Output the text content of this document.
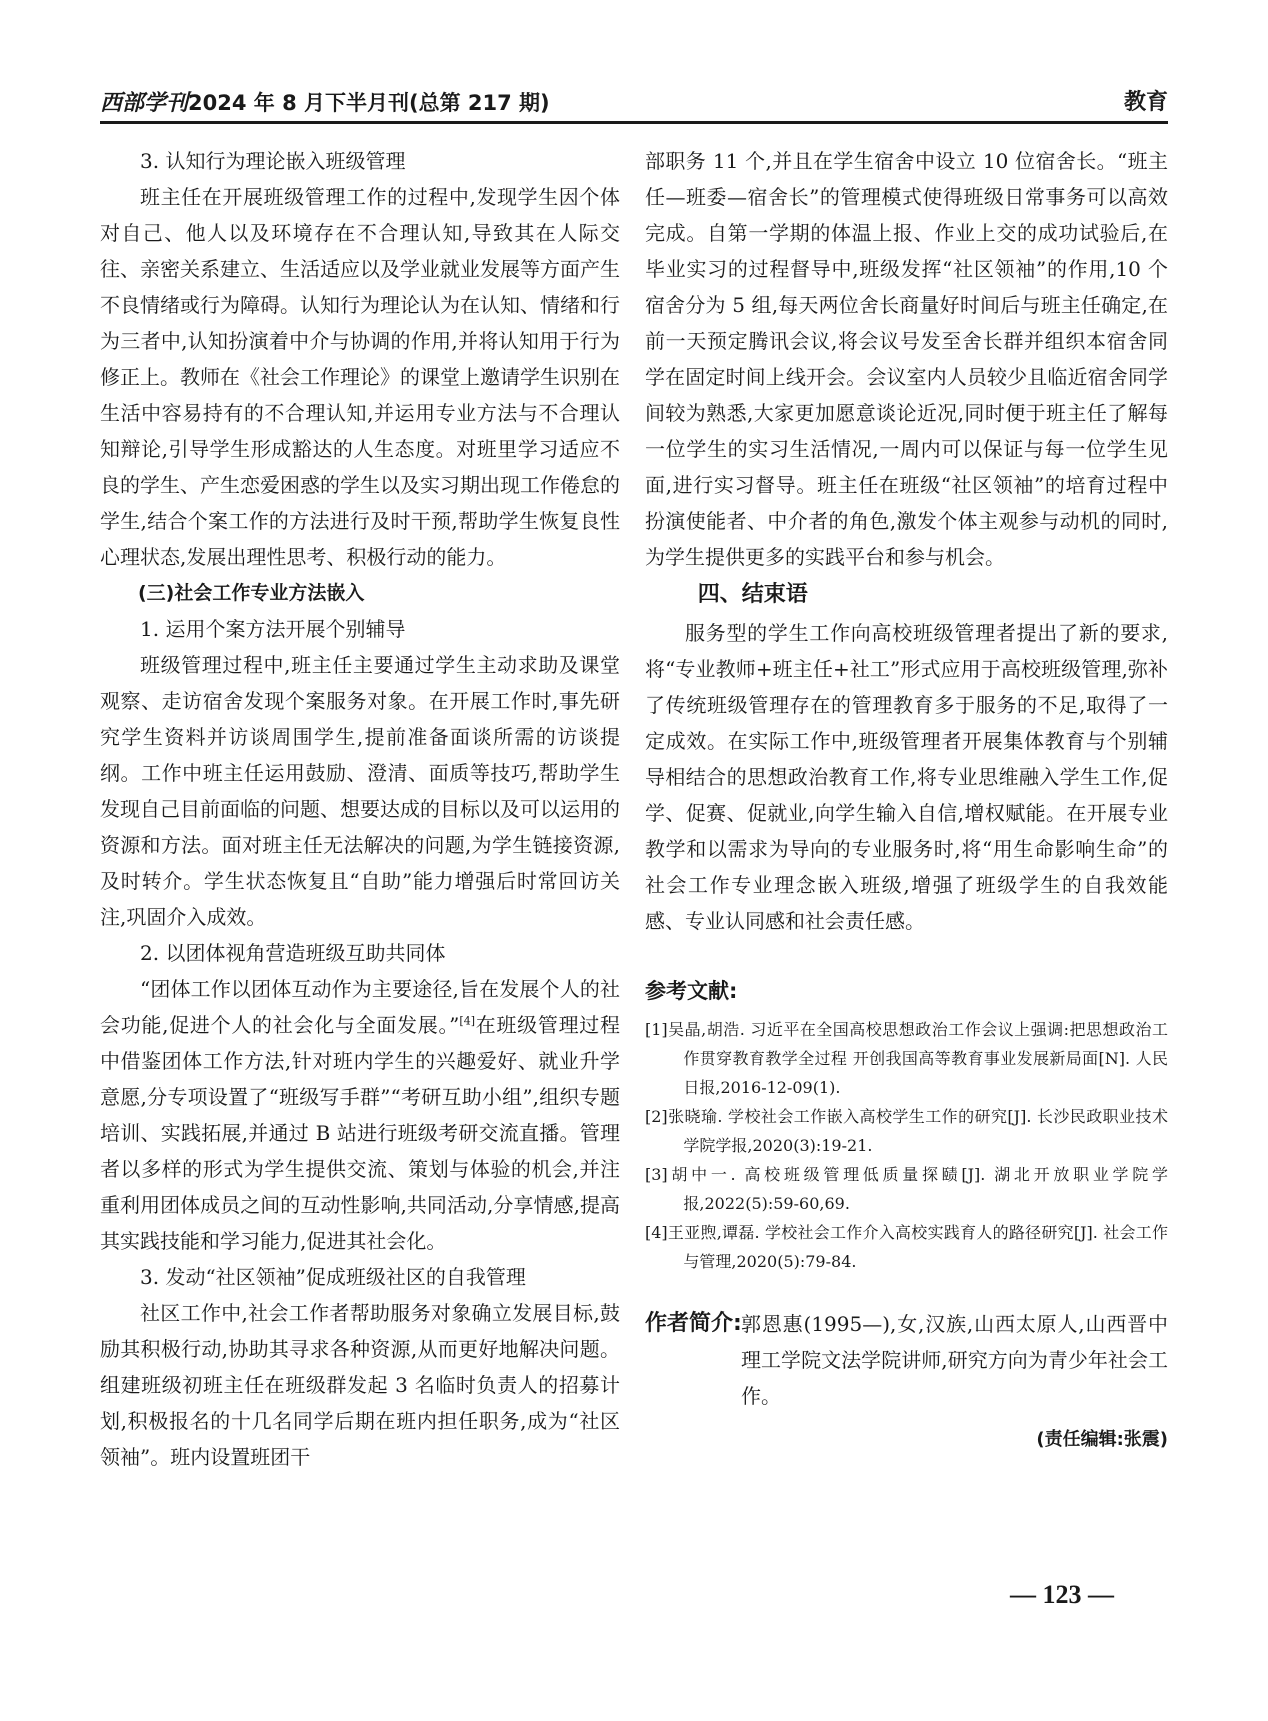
西部学刊2024 年 8 月下半月刊(总第 217 期)	教育

3. 认知行为理论嵌入班级管理

班主任在开展班级管理工作的过程中,发现学生因个体对自己、他人以及环境存在不合理认知,导致其在人际交往、亲密关系建立、生活适应以及学业就业发展等方面产生不良情绪或行为障碍。认知行为理论认为在认知、情绪和行为三者中,认知扮演着中介与协调的作用,并将认知用于行为修正上。教师在《社会工作理论》的课堂上邀请学生识别在生活中容易持有的不合理认知,并运用专业方法与不合理认知辩论,引导学生形成豁达的人生态度。对班里学习适应不良的学生、产生恋爱困惑的学生以及实习期出现工作倦怠的学生,结合个案工作的方法进行及时干预,帮助学生恢复良性心理状态,发展出理性思考、积极行动的能力。

(三)社会工作专业方法嵌入

1. 运用个案方法开展个别辅导

班级管理过程中,班主任主要通过学生主动求助及课堂观察、走访宿舍发现个案服务对象。在开展工作时,事先研究学生资料并访谈周围学生,提前准备面谈所需的访谈提纲。工作中班主任运用鼓励、澄清、面质等技巧,帮助学生发现自己目前面临的问题、想要达成的目标以及可以运用的资源和方法。面对班主任无法解决的问题,为学生链接资源,及时转介。学生状态恢复且“自助”能力增强后时常回访关注,巩固介入成效。

2. 以团体视角营造班级互助共同体

“团体工作以团体互动作为主要途径,旨在发展个人的社会功能,促进个人的社会化与全面发展。”[4]在班级管理过程中借鉴团体工作方法,针对班内学生的兴趣爱好、就业升学意愿,分专项设置了“班级写手群”“考研互助小组”,组织专题培训、实践拓展,并通过 B 站进行班级考研交流直播。管理者以多样的形式为学生提供交流、策划与体验的机会,并注重利用团体成员之间的互动性影响,共同活动,分享情感,提高其实践技能和学习能力,促进其社会化。

3. 发动“社区领袖”促成班级社区的自我管理

社区工作中,社会工作者帮助服务对象确立发展目标,鼓励其积极行动,协助其寻求各种资源,从而更好地解决问题。组建班级初班主任在班级群发起 3 名临时负责人的招募计划,积极报名的十几名同学后期在班内担任职务,成为“社区领袖”。班内设置班团干

部职务 11 个,并且在学生宿舍中设立 10 位宿舍长。“班主任—班委—宿舍长”的管理模式使得班级日常事务可以高效完成。自第一学期的体温上报、作业上交的成功试验后,在毕业实习的过程督导中,班级发挥“社区领袖”的作用,10 个宿舍分为 5 组,每天两位舍长商量好时间后与班主任确定,在前一天预定腾讯会议,将会议号发至舍长群并组织本宿舍同学在固定时间上线开会。会议室内人员较少且临近宿舍同学间较为熟悉,大家更加愿意谈论近况,同时便于班主任了解每一位学生的实习生活情况,一周内可以保证与每一位学生见面,进行实习督导。班主任在班级“社区领袖”的培育过程中扮演使能者、中介者的角色,激发个体主观参与动机的同时,为学生提供更多的实践平台和参与机会。

四、结束语

服务型的学生工作向高校班级管理者提出了新的要求,将“专业教师+班主任+社工”形式应用于高校班级管理,弥补了传统班级管理存在的管理教育多于服务的不足,取得了一定成效。在实际工作中,班级管理者开展集体教育与个别辅导相结合的思想政治教育工作,将专业思维融入学生工作,促学、促赛、促就业,向学生输入自信,增权赋能。在开展专业教学和以需求为导向的专业服务时,将“用生命影响生命”的社会工作专业理念嵌入班级,增强了班级学生的自我效能感、专业认同感和社会责任感。

参考文献:
[1]吴晶,胡浩. 习近平在全国高校思想政治工作会议上强调:把思想政治工作贯穿教育教学全过程 开创我国高等教育事业发展新局面[N]. 人民日报,2016-12-09(1).
[2]张晓瑜. 学校社会工作嵌入高校学生工作的研究[J]. 长沙民政职业技术学院学报,2020(3):19-21.
[3]胡中一. 高校班级管理低质量探赜[J]. 湖北开放职业学院学报,2022(5):59-60,69.
[4]王亚煦,谭磊. 学校社会工作介入高校实践育人的路径研究[J]. 社会工作与管理,2020(5):79-84.
作者简介: 郭恩惠(1995—),女,汉族,山西太原人,山西晋中理工学院文法学院讲师,研究方向为青少年社会工作。
(责任编辑:张震)
— 123 —
